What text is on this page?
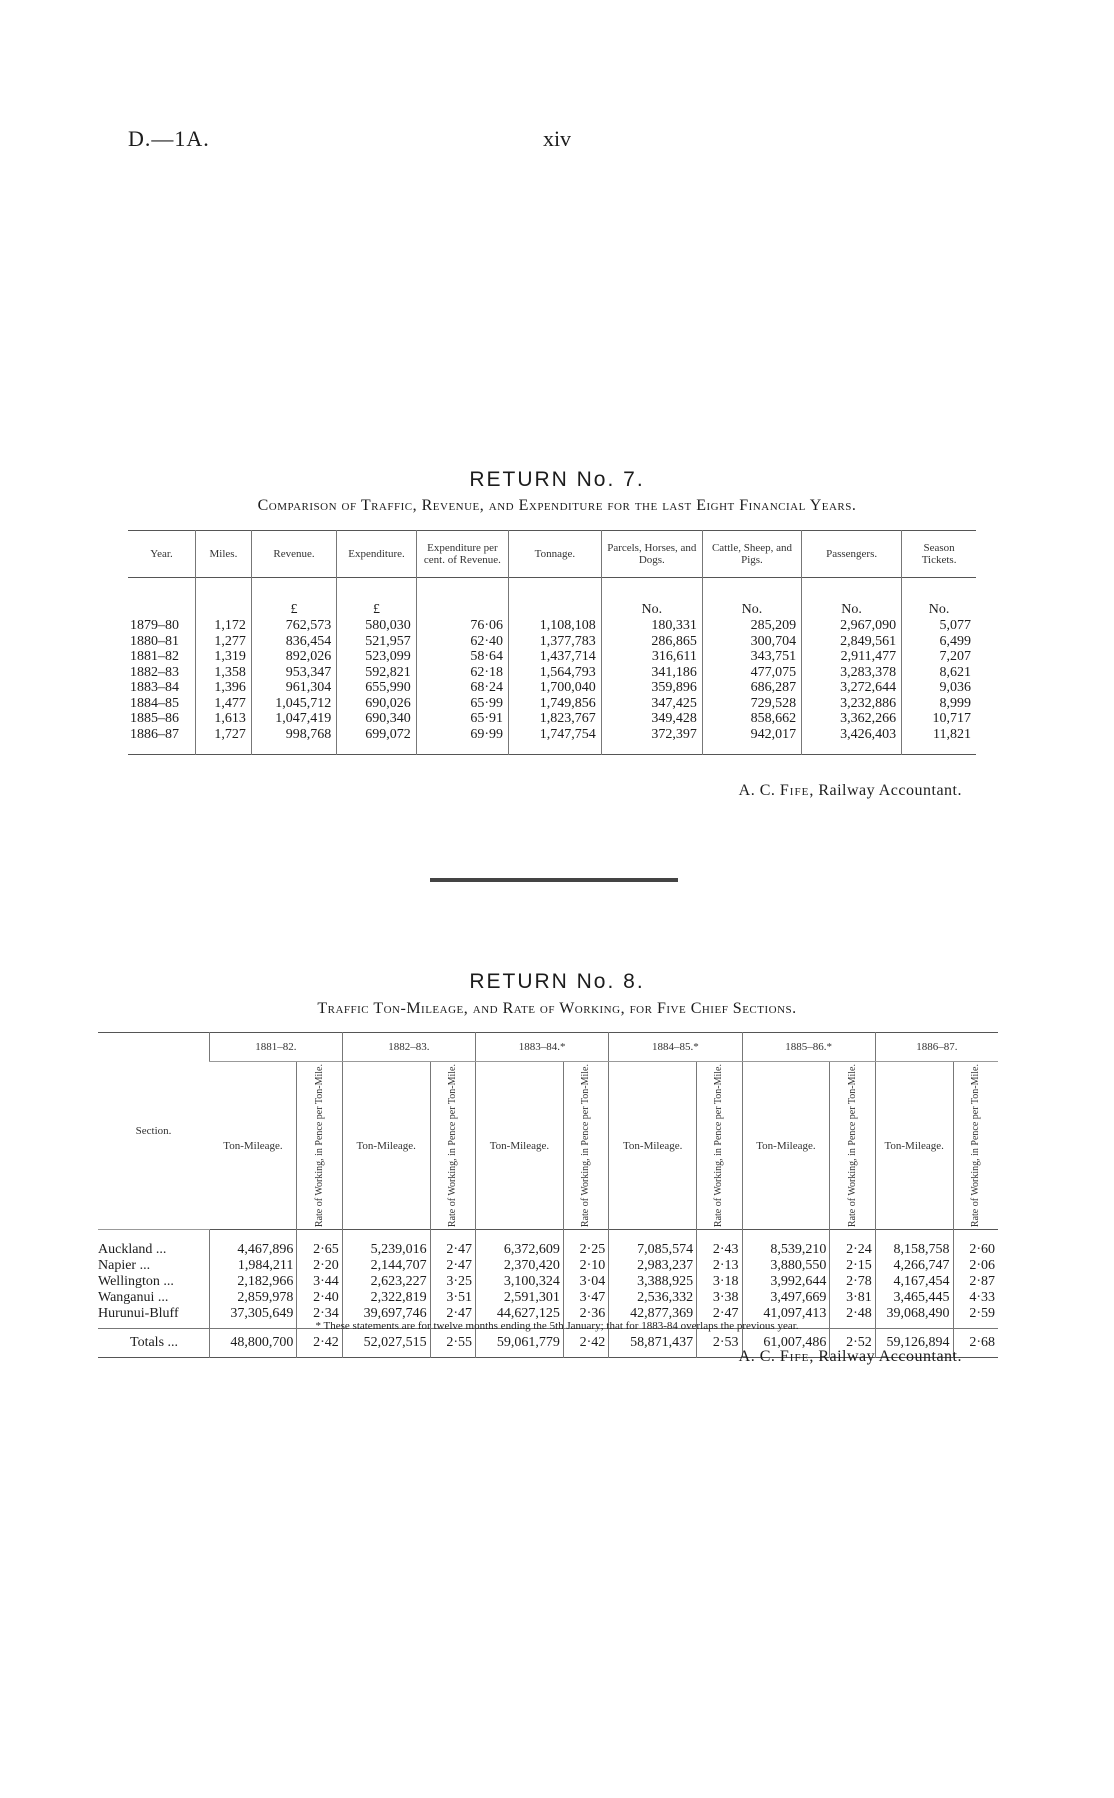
D.—1A.	xiv
RETURN No. 7.
Comparison of Traffic, Revenue, and Expenditure for the last Eight Financial Years.
Year.	Miles.	Revenue.	Expenditure.	Expenditure per cent. of Revenue.	Tonnage.	Parcels, Horses, and Dogs.	Cattle, Sheep, and Pigs.	Passengers.	Season Tickets.
		£	£			No.	No.	No.	No.
1879–80	1,172	762,573	580,030	76·06	1,108,108	180,331	285,209	2,967,090	5,077
1880–81	1,277	836,454	521,957	62·40	1,377,783	286,865	300,704	2,849,561	6,499
1881–82	1,319	892,026	523,099	58·64	1,437,714	316,611	343,751	2,911,477	7,207
1882–83	1,358	953,347	592,821	62·18	1,564,793	341,186	477,075	3,283,378	8,621
1883–84	1,396	961,304	655,990	68·24	1,700,040	359,896	686,287	3,272,644	9,036
1884–85	1,477	1,045,712	690,026	65·99	1,749,856	347,425	729,528	3,232,886	8,999
1885–86	1,613	1,047,419	690,340	65·91	1,823,767	349,428	858,662	3,362,266	10,717
1886–87	1,727	998,768	699,072	69·99	1,747,754	372,397	942,017	3,426,403	11,821
A. C. Fife, Railway Accountant.
RETURN No. 8.
Traffic Ton-Mileage, and Rate of Working, for Five Chief Sections.
Section.	1881–82.		1882–83.		1883–84.*		1884–85.*		1885–86.*		1886–87.	
	Ton-Mileage.	Rate of Working, in Pence per Ton-Mile.	Ton-Mileage.	Rate of Working, in Pence per Ton-Mile.	Ton-Mileage.	Rate of Working, in Pence per Ton-Mile.	Ton-Mileage.	Rate of Working, in Pence per Ton-Mile.	Ton-Mileage.	Rate of Working, in Pence per Ton-Mile.	Ton-Mileage.	Rate of Working, in Pence per Ton-Mile.

Auckland ...	4,467,896	2·65	5,239,016	2·47	6,372,609	2·25	7,085,574	2·43	8,539,210	2·24	8,158,758	2·60
Napier ...	1,984,211	2·20	2,144,707	2·47	2,370,420	2·10	2,983,237	2·13	3,880,550	2·15	4,266,747	2·06
Wellington ...	2,182,966	3·44	2,623,227	3·25	3,100,324	3·04	3,388,925	3·18	3,992,644	2·78	4,167,454	2·87
Wanganui ...	2,859,978	2·40	2,322,819	3·51	2,591,301	3·47	2,536,332	3·38	3,497,669	3·81	3,465,445	4·33
Hurunui-Bluff	37,305,649	2·34	39,697,746	2·47	44,627,125	2·36	42,877,369	2·47	41,097,413	2·48	39,068,490	2·59
Totals ...	48,800,700	2·42	52,027,515	2·55	59,061,779	2·42	58,871,437	2·53	61,007,486	2·52	59,126,894	2·68
* These statements are for twelve months ending the 5th January; that for 1883-84 overlaps the previous year.
A. C. Fife, Railway Accountant.
